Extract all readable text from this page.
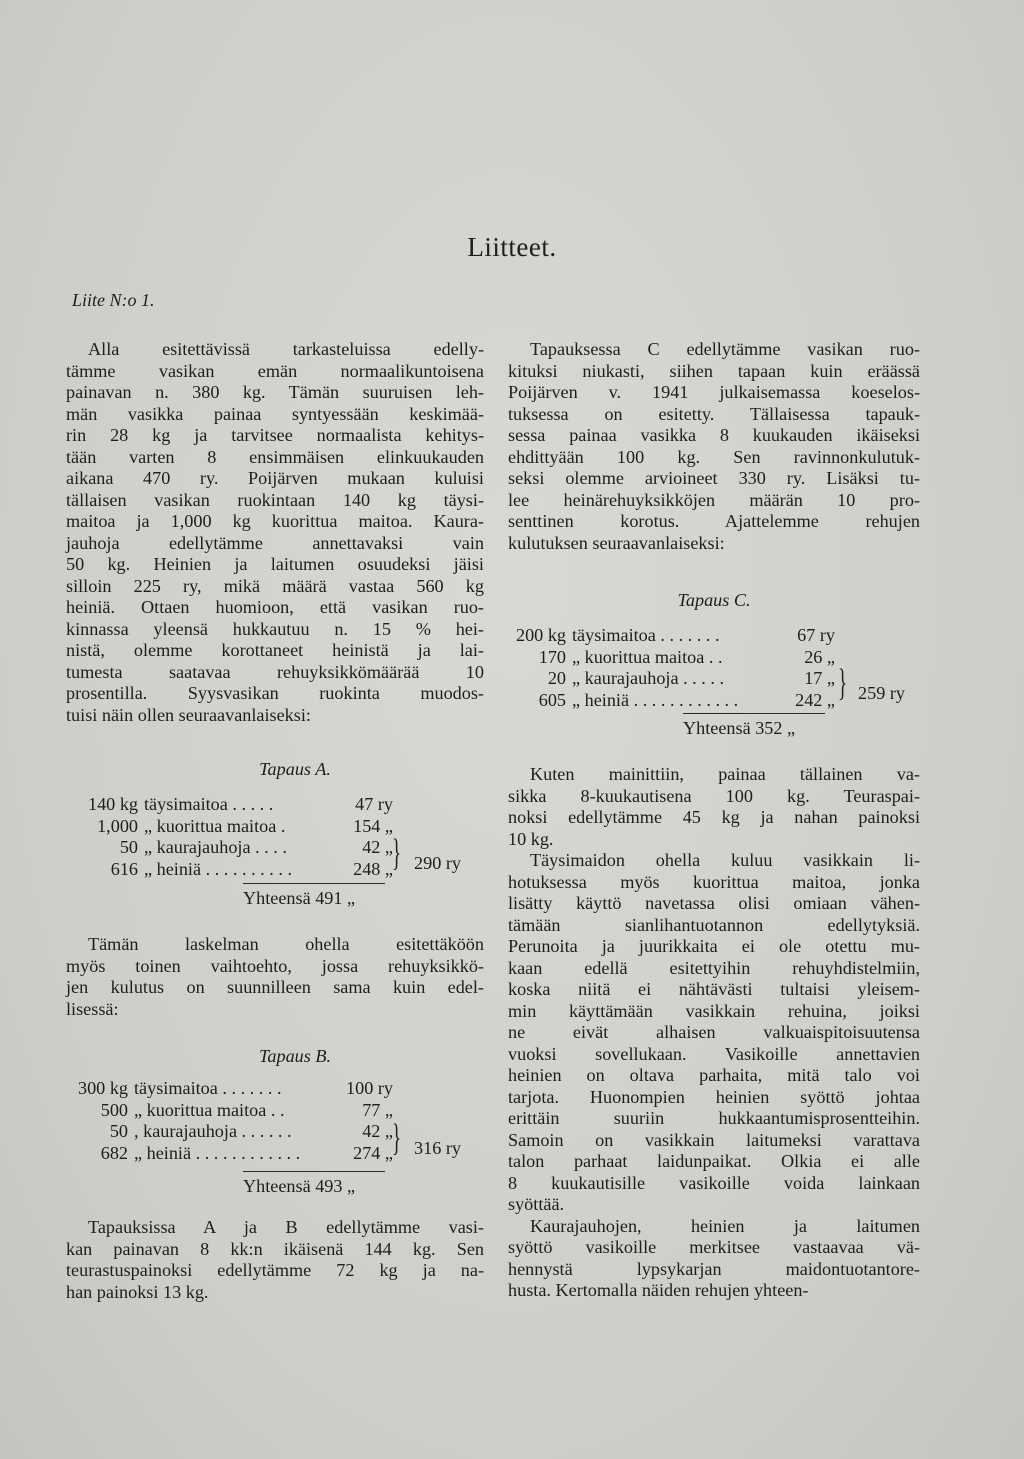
Liitteet.
Liite N:o 1.

Alla esitettävissä tarkasteluissa edelly-

tämme vasikan emän normaalikuntoisena

painavan n. 380 kg. Tämän suuruisen leh-

män vasikka painaa syntyessään keskimää-

rin 28 kg ja tarvitsee normaalista kehitys-

tään varten 8 ensimmäisen elinkuukauden

aikana 470 ry. Poijärven mukaan kuluisi

tällaisen vasikan ruokintaan 140 kg täysi-

maitoa ja 1,000 kg kuorittua maitoa. Kaura-

jauhoja edellytämme annettavaksi vain

50 kg. Heinien ja laitumen osuudeksi jäisi

silloin 225 ry, mikä määrä vastaa 560 kg

heiniä. Ottaen huomioon, että vasikan ruo-

kinnassa yleensä hukkautuu n. 15 % hei-

nistä, olemme korottaneet heinistä ja lai-

tumesta saatavaa rehuyksikkömäärää 10

prosentilla. Syysvasikan ruokinta muodos-

tuisi näin ollen seuraavanlaiseksi:

Tapaus A.

140 kg täysimaitoa . . . . .	47 ry
1,000 „ kuorittua maitoa .	154 „
50 „ kaurajauhoja . . . .	42 „
616 „ heiniä . . . . . . . . . .	248 „ } 290 ry
Yhteensä 491 „

Tämän laskelman ohella esitettäköön

myös toinen vaihtoehto, jossa rehuyksikkö-

jen kulutus on suunnilleen sama kuin edel-

lisessä:

Tapaus B.

300 kg täysimaitoa . . . . . . .	100 ry
500 „ kuorittua maitoa . .	77 „
50 , kaurajauhoja . . . . . .	42 „
682 „ heiniä . . . . . . . . . . . .	274 „ } 316 ry
Yhteensä 493 „

Tapauksissa A ja B edellytämme vasi-

kan painavan 8 kk:n ikäisenä 144 kg. Sen

teurastuspainoksi edellytämme 72 kg ja na-

han painoksi 13 kg.

Tapauksessa C edellytämme vasikan ruo-

kituksi niukasti, siihen tapaan kuin eräässä

Poijärven v. 1941 julkaisemassa koeselos-

tuksessa on esitetty. Tällaisessa tapauk-

sessa painaa vasikka 8 kuukauden ikäiseksi

ehdittyään 100 kg. Sen ravinnonkulutuk-

seksi olemme arvioineet 330 ry. Lisäksi tu-

lee heinärehuyksikköjen määrän 10 pro-

senttinen korotus. Ajattelemme rehujen

kulutuksen seuraavanlaiseksi:

Tapaus C.

200 kg täysimaitoa . . . . . . .	67 ry
170 „ kuorittua maitoa . .	26 „
20 „ kaurajauhoja . . . . .	17 „
605 „ heiniä . . . . . . . . . . . .	242 „ } 259 ry
Yhteensä 352 „

Kuten mainittiin, painaa tällainen va-

sikka 8-kuukautisena 100 kg. Teuraspai-

noksi edellytämme 45 kg ja nahan painoksi

10 kg.

Täysimaidon ohella kuluu vasikkain li-

hotuksessa myös kuorittua maitoa, jonka

lisätty käyttö navetassa olisi omiaan vähen-

tämään sianlihantuotannon edellytyksiä.

Perunoita ja juurikkaita ei ole otettu mu-

kaan edellä esitettyihin rehuyhdistelmiin,

koska niitä ei nähtävästi tultaisi yleisem-

min käyttämään vasikkain rehuina, joiksi

ne eivät alhaisen valkuaispitoisuutensa

vuoksi sovellukaan. Vasikoille annettavien

heinien on oltava parhaita, mitä talo voi

tarjota. Huonompien heinien syöttö johtaa

erittäin suuriin hukkaantumisprosentteihin.

Samoin on vasikkain laitumeksi varattava

talon parhaat laidunpaikat. Olkia ei alle

8 kuukautisille vasikoille voida lainkaan

syöttää.

Kaurajauhojen, heinien ja laitumen

syöttö vasikoille merkitsee vastaavaa vä-

hennystä lypsykarjan maidontuotantore-

husta. Kertomalla näiden rehujen yhteen-
